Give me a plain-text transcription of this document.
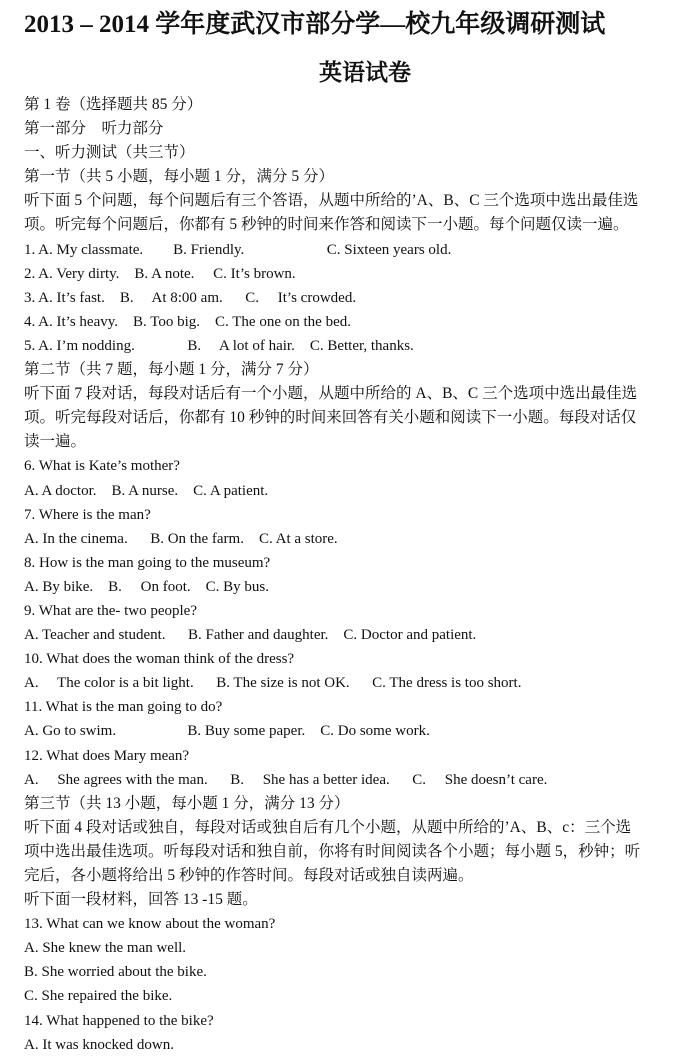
2013 – 2014 学年度武汉市部分学—校九年级调研测试
英语试卷
第 1 卷（选择题共 85 分）
第一部分　听力部分
一、听力测试（共三节）
第一节（共 5 小题，每小题 1 分，满分 5 分）
听下面 5 个问题，每个问题后有三个答语，从题中所给的’A、B、C 三个选项中选出最佳选
项。听完每个问题后，你都有 5 秒钟的时间来作答和阅读下一小题。每个问题仅读一遍。
1. A. My classmate.        B. Friendly.                      C. Sixteen years old.
2. A. Very dirty.    B. A note.     C. It’s brown.
3. A. It’s fast.    B.     At 8:00 am.      C.     It’s crowded.
4. A. It’s heavy.    B. Too big.    C. The one on the bed.
5. A. I’m nodding.              B.     A lot of hair.    C. Better, thanks.
第二节（共 7 题，每小题 1 分，满分 7 分）
听下面 7 段对话，每段对话后有一个小题，从题中所给的 A、B、C 三个选项中选出最佳选
项。听完每段对话后，你都有 10 秒钟的时间来回答有关小题和阅读下一小题。每段对话仅
读一遍。
6. What is Kate’s mother?
A. A doctor.    B. A nurse.    C. A patient.
7. Where is the man?
A. In the cinema.      B. On the farm.    C. At a store.
8. How is the man going to the museum?
A. By bike.    B.     On foot.    C. By bus.
9. What are the- two people?
A. Teacher and student.      B. Father and daughter.    C. Doctor and patient.
10. What does the woman think of the dress?
A.     The color is a bit light.      B. The size is not OK.      C. The dress is too short.
11. What is the man going to do?
A. Go to swim.                   B. Buy some paper.    C. Do some work.
12. What does Mary mean?
A.     She agrees with the man.      B.     She has a better idea.      C.     She doesn’t care.
第三节（共 13 小题，每小题 1 分，满分 13 分）
听下面 4 段对话或独自，每段对话或独自后有几个小题，从题中所给的’A、B、c：三个选
项中选出最佳选项。听每段对话和独自前，你将有时间阅读各个小题；每小题 5，秒钟；听
完后，各小题将给出 5 秒钟的作答时间。每段对话或独自读两遍。
听下面一段材料，回答 13 -15 题。
13. What can we know about the woman?
A. She knew the man well.
B. She worried about the bike.
C. She repaired the bike.
14. What happened to the bike?
A. It was knocked down.
